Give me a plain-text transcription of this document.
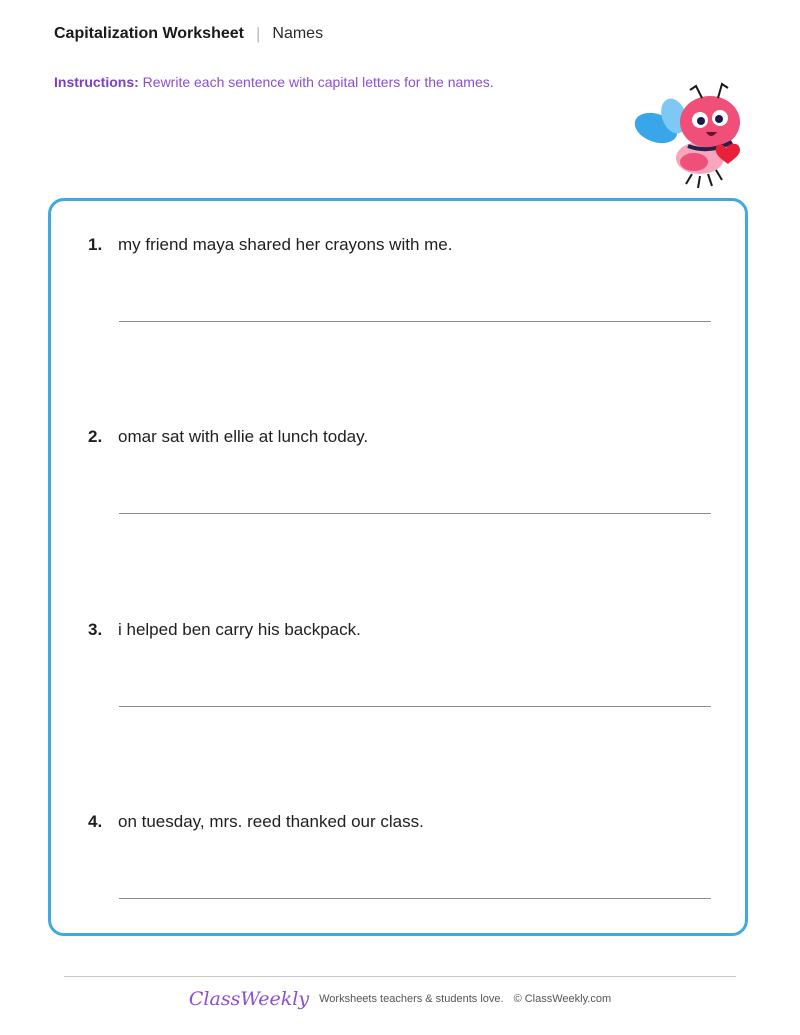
Capitalization Worksheet | Names
Instructions: Rewrite each sentence with capital letters for the names.
1. my friend maya shared her crayons with me.
2. omar sat with ellie at lunch today.
3. i helped ben carry his backpack.
4. on tuesday, mrs. reed thanked our class.
ClassWeekly Worksheets teachers & students love. © ClassWeekly.com
